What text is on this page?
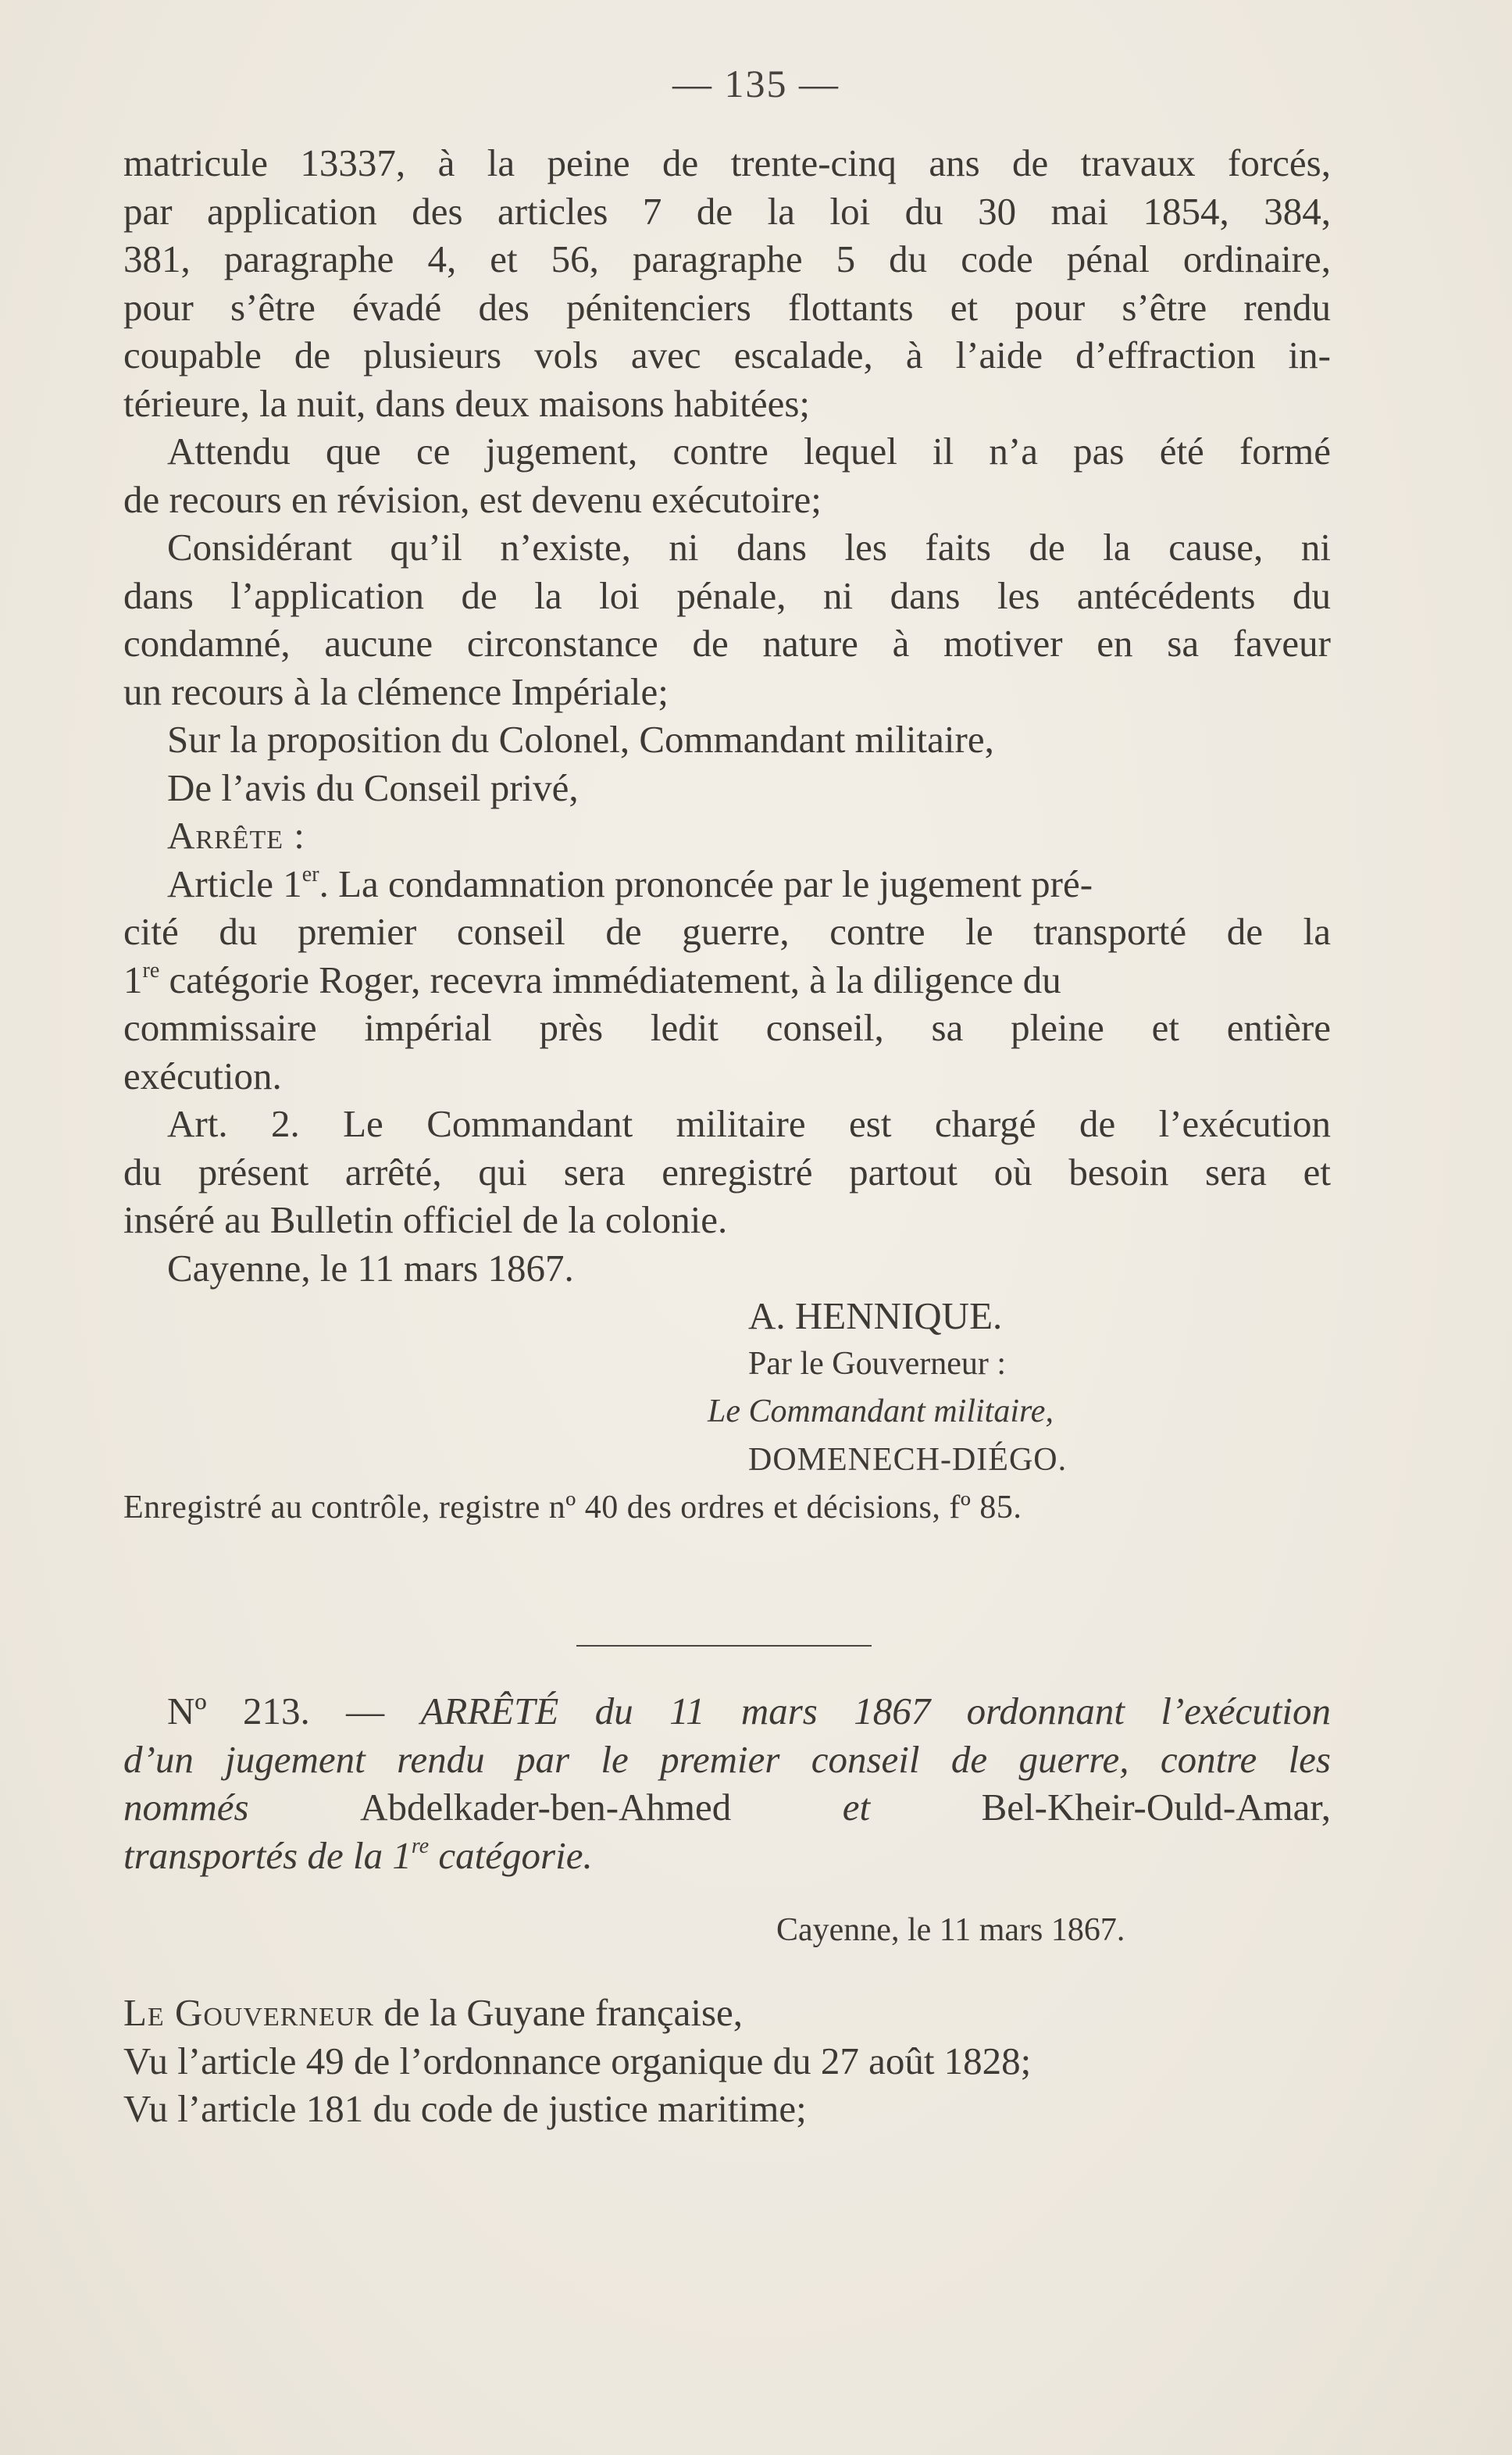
— 135 —
matricule 13337, à la peine de trente-cinq ans de travaux forcés,
par application des articles 7 de la loi du 30 mai 1854, 384,
381, paragraphe 4, et 56, paragraphe 5 du code pénal ordinaire,
pour s’être évadé des pénitenciers flottants et pour s’être rendu
coupable de plusieurs vols avec escalade, à l’aide d’effraction in-
térieure, la nuit, dans deux maisons habitées;
Attendu que ce jugement, contre lequel il n’a pas été formé
de recours en révision, est devenu exécutoire;
Considérant qu’il n’existe, ni dans les faits de la cause, ni
dans l’application de la loi pénale, ni dans les antécédents du
condamné, aucune circonstance de nature à motiver en sa faveur
un recours à la clémence Impériale;
Sur la proposition du Colonel, Commandant militaire,
De l’avis du Conseil privé,
Arrête :
Article 1er. La condamnation prononcée par le jugement pré-
cité du premier conseil de guerre, contre le transporté de la
1re catégorie Roger, recevra immédiatement, à la diligence du
commissaire impérial près ledit conseil, sa pleine et entière
exécution.
Art. 2. Le Commandant militaire est chargé de l’exécution
du présent arrêté, qui sera enregistré partout où besoin sera et
inséré au Bulletin officiel de la colonie.
Cayenne, le 11 mars 1867.
A. HENNIQUE.
Par le Gouverneur :
Le Commandant militaire,
DOMENECH-DIÉGO.
Enregistré au contrôle, registre nº 40 des ordres et décisions, fº 85.
Nº 213. — ARRÊTÉ du 11 mars 1867 ordonnant l’exécution
d’un jugement rendu par le premier conseil de guerre, contre les
nommés Abdelkader-ben-Ahmed et Bel-Kheir-Ould-Amar,
transportés de la 1re catégorie.
Cayenne, le 11 mars 1867.
Le Gouverneur de la Guyane française,
Vu l’article 49 de l’ordonnance organique du 27 août 1828;
Vu l’article 181 du code de justice maritime;
